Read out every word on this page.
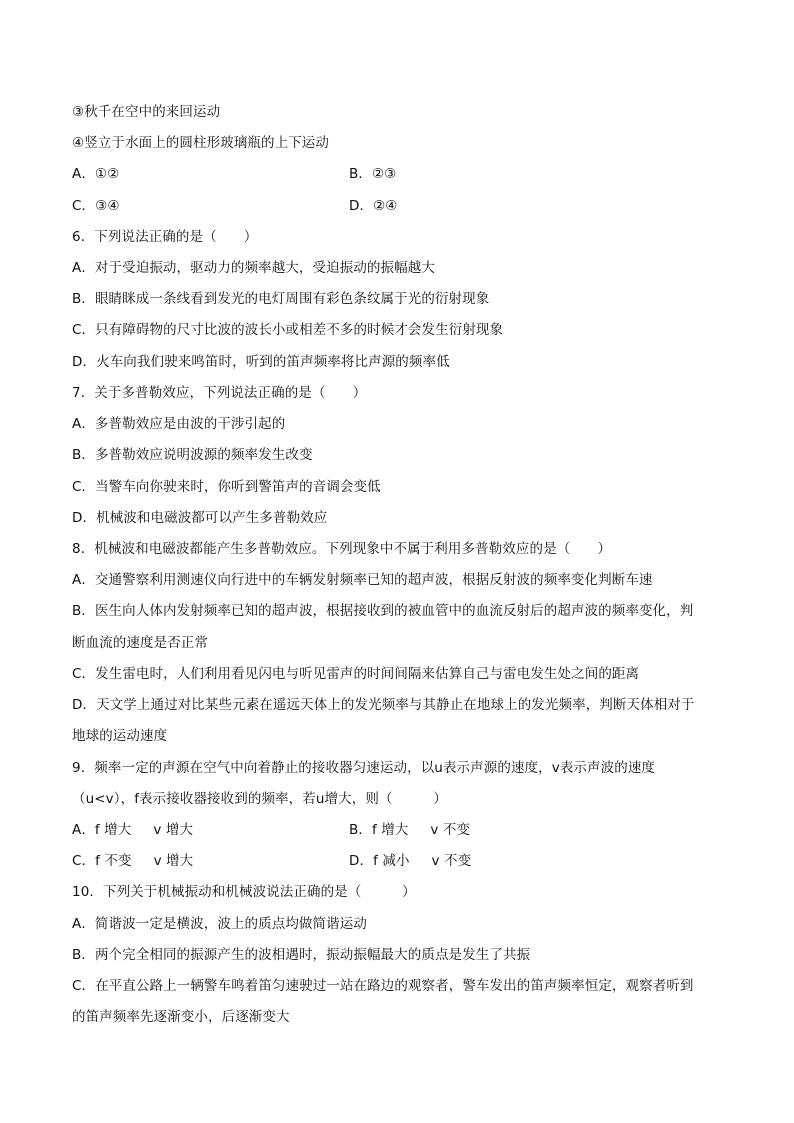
③秋千在空中的来回运动
④竖立于水面上的圆柱形玻璃瓶的上下运动
A．①②	B．②③
C．③④	D．②④
6．下列说法正确的是（　　）
A．对于受迫振动，驱动力的频率越大，受迫振动的振幅越大
B．眼睛眯成一条线看到发光的电灯周围有彩色条纹属于光的衍射现象
C．只有障碍物的尺寸比波的波长小或相差不多的时候才会发生衍射现象
D．火车向我们驶来鸣笛时，听到的笛声频率将比声源的频率低
7．关于多普勒效应，下列说法正确的是（　　）
A．多普勒效应是由波的干涉引起的
B．多普勒效应说明波源的频率发生改变
C．当警车向你驶来时，你听到警笛声的音调会变低
D．机械波和电磁波都可以产生多普勒效应
8．机械波和电磁波都能产生多普勒效应。下列现象中不属于利用多普勒效应的是（　　）
A．交通警察利用测速仪向行进中的车辆发射频率已知的超声波，根据反射波的频率变化判断车速
B．医生向人体内发射频率已知的超声波，根据接收到的被血管中的血流反射后的超声波的频率变化，判
断血流的速度是否正常
C．发生雷电时，人们利用看见闪电与听见雷声的时间间隔来估算自己与雷电发生处之间的距离
D．天文学上通过对比某些元素在遥远天体上的发光频率与其静止在地球上的发光频率，判断天体相对于
地球的运动速度
9．频率一定的声源在空气中向着静止的接收器匀速运动，以u表示声源的速度，v表示声波的速度
（u<v），f表示接收器接收到的频率，若u增大，则（　　　）
A．f 增大 v 增大	B．f 增大 v 不变
C．f 不变 v 增大	D．f 减小 v 不变
10．下列关于机械振动和机械波说法正确的是（　　　）
A．简谐波一定是横波，波上的质点均做简谐运动
B．两个完全相同的振源产生的波相遇时，振动振幅最大的质点是发生了共振
C．在平直公路上一辆警车鸣着笛匀速驶过一站在路边的观察者，警车发出的笛声频率恒定，观察者听到
的笛声频率先逐渐变小，后逐渐变大
